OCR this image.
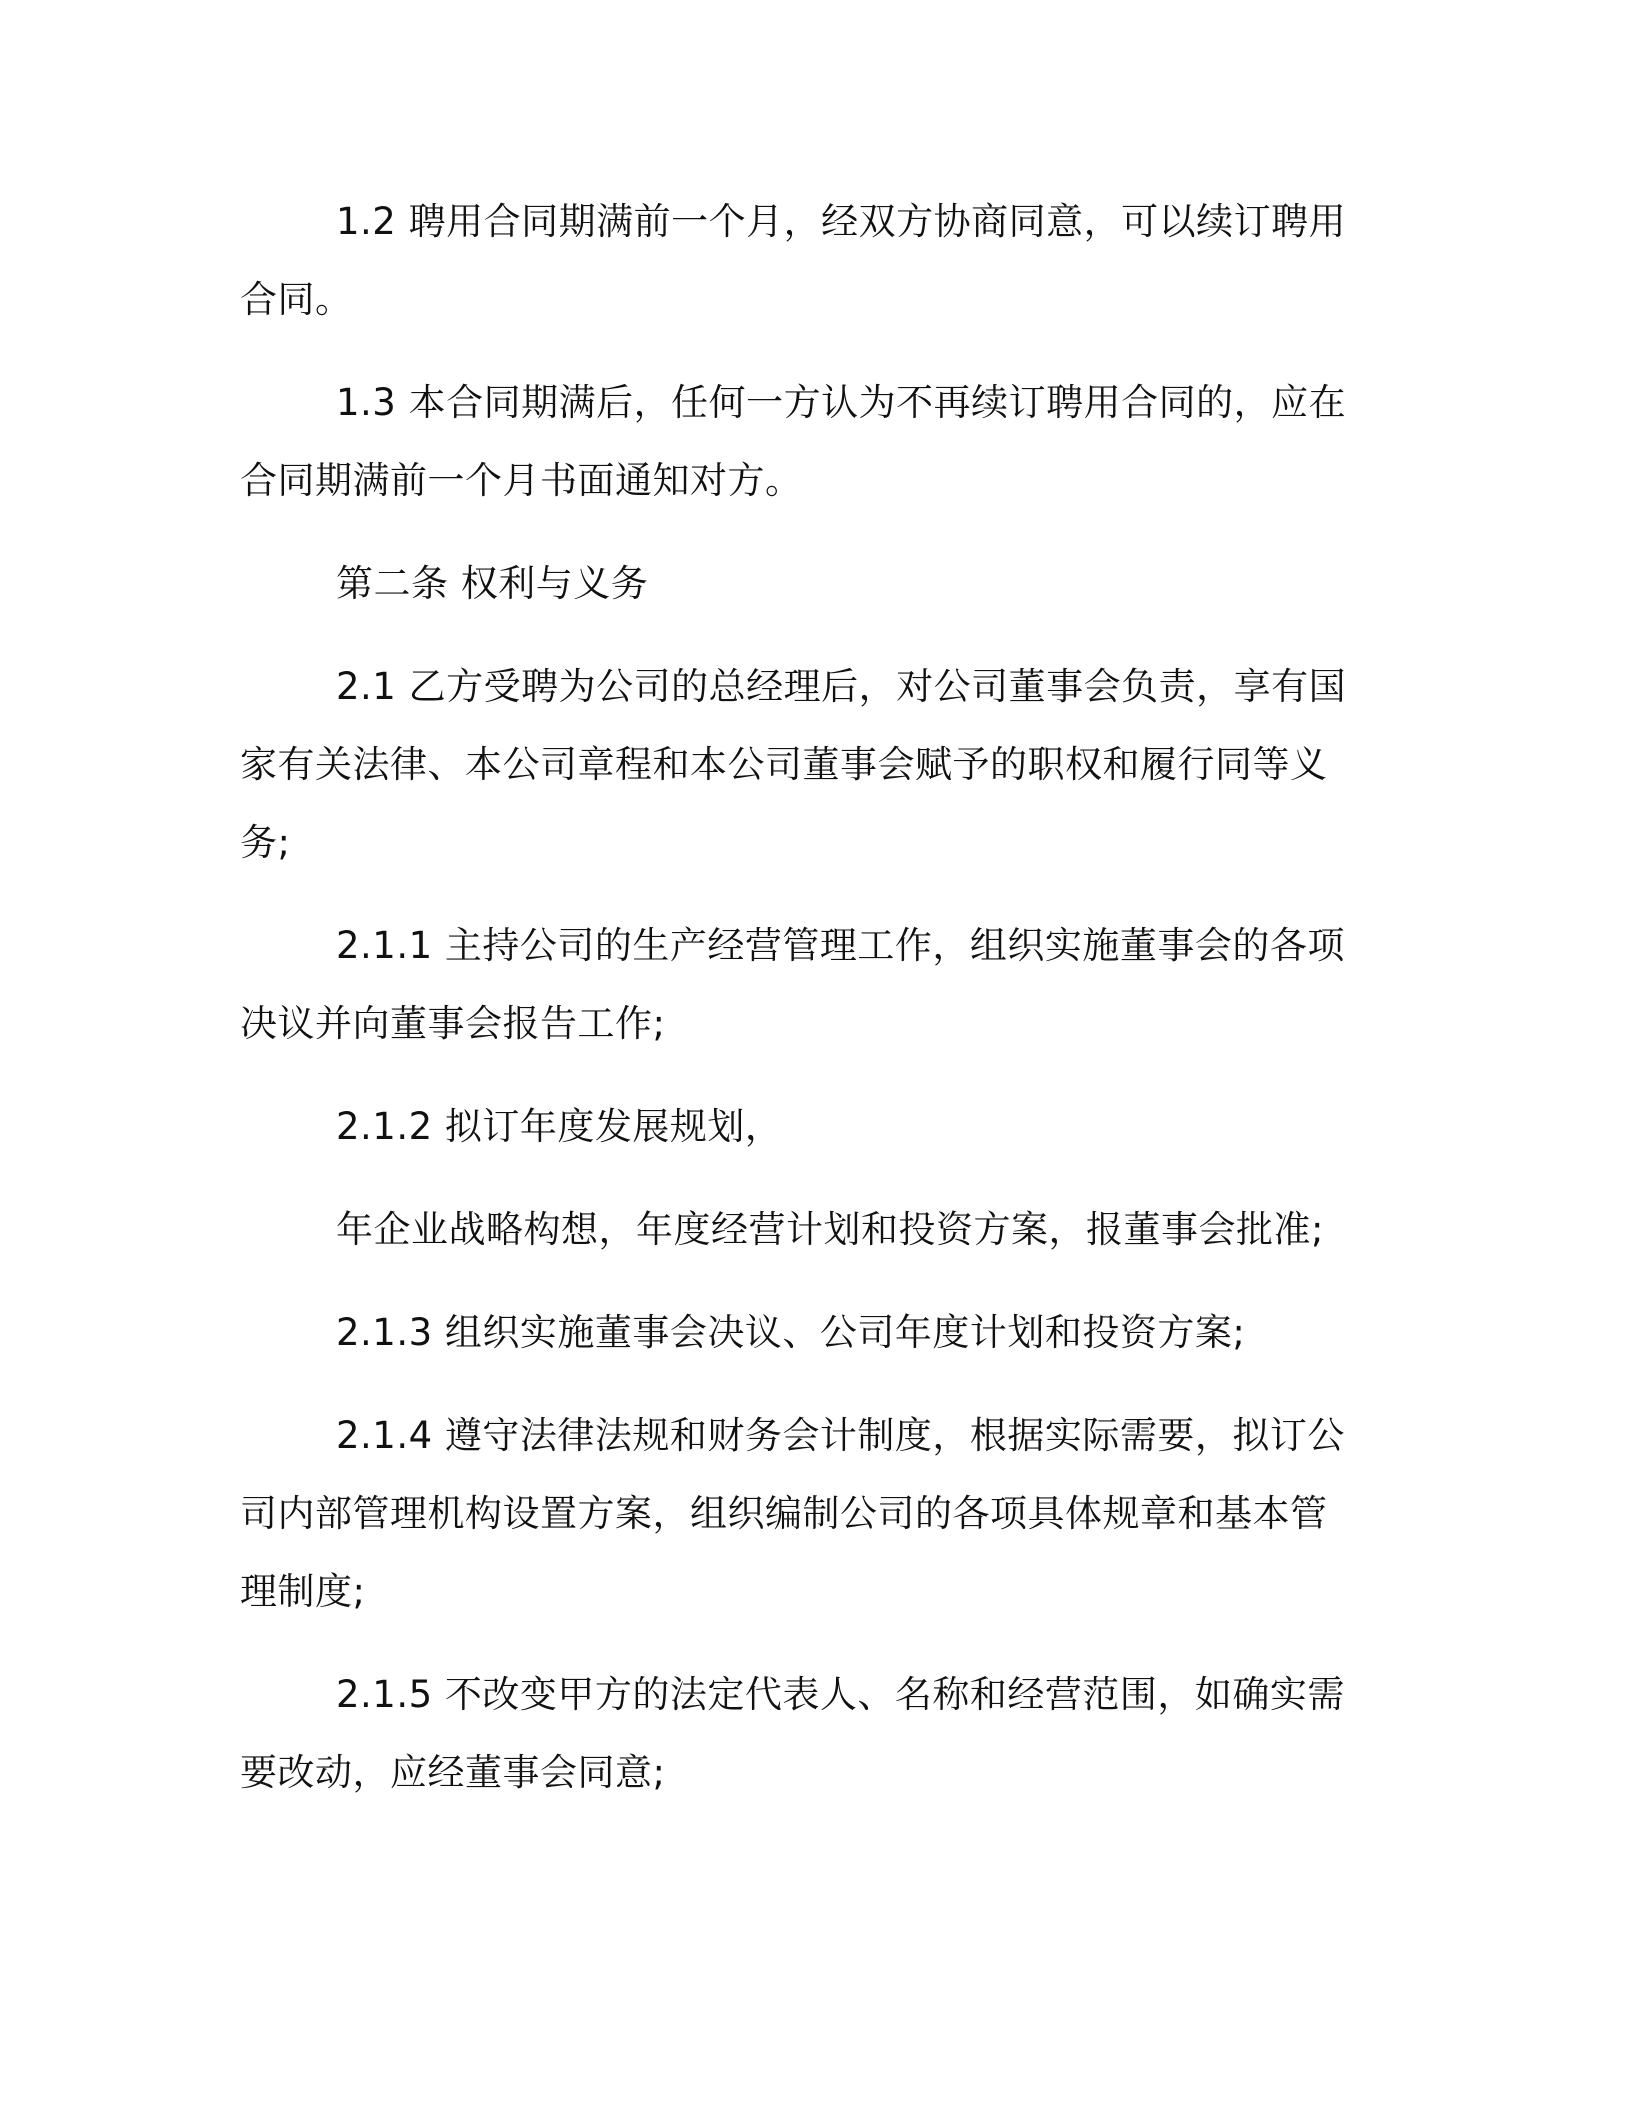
1.2 聘用合同期满前一个月，经双方协商同意，可以续订聘用合同。

1.3 本合同期满后，任何一方认为不再续订聘用合同的，应在合同期满前一个月书面通知对方。

第二条 权利与义务

2.1 乙方受聘为公司的总经理后，对公司董事会负责，享有国家有关法律、本公司章程和本公司董事会赋予的职权和履行同等义务;

2.1.1 主持公司的生产经营管理工作，组织实施董事会的各项决议并向董事会报告工作;

2.1.2 拟订年度发展规划，

年企业战略构想，年度经营计划和投资方案，报董事会批准;

2.1.3 组织实施董事会决议、公司年度计划和投资方案;

2.1.4 遵守法律法规和财务会计制度，根据实际需要，拟订公司内部管理机构设置方案，组织编制公司的各项具体规章和基本管理制度;

2.1.5 不改变甲方的法定代表人、名称和经营范围，如确实需要改动，应经董事会同意;
